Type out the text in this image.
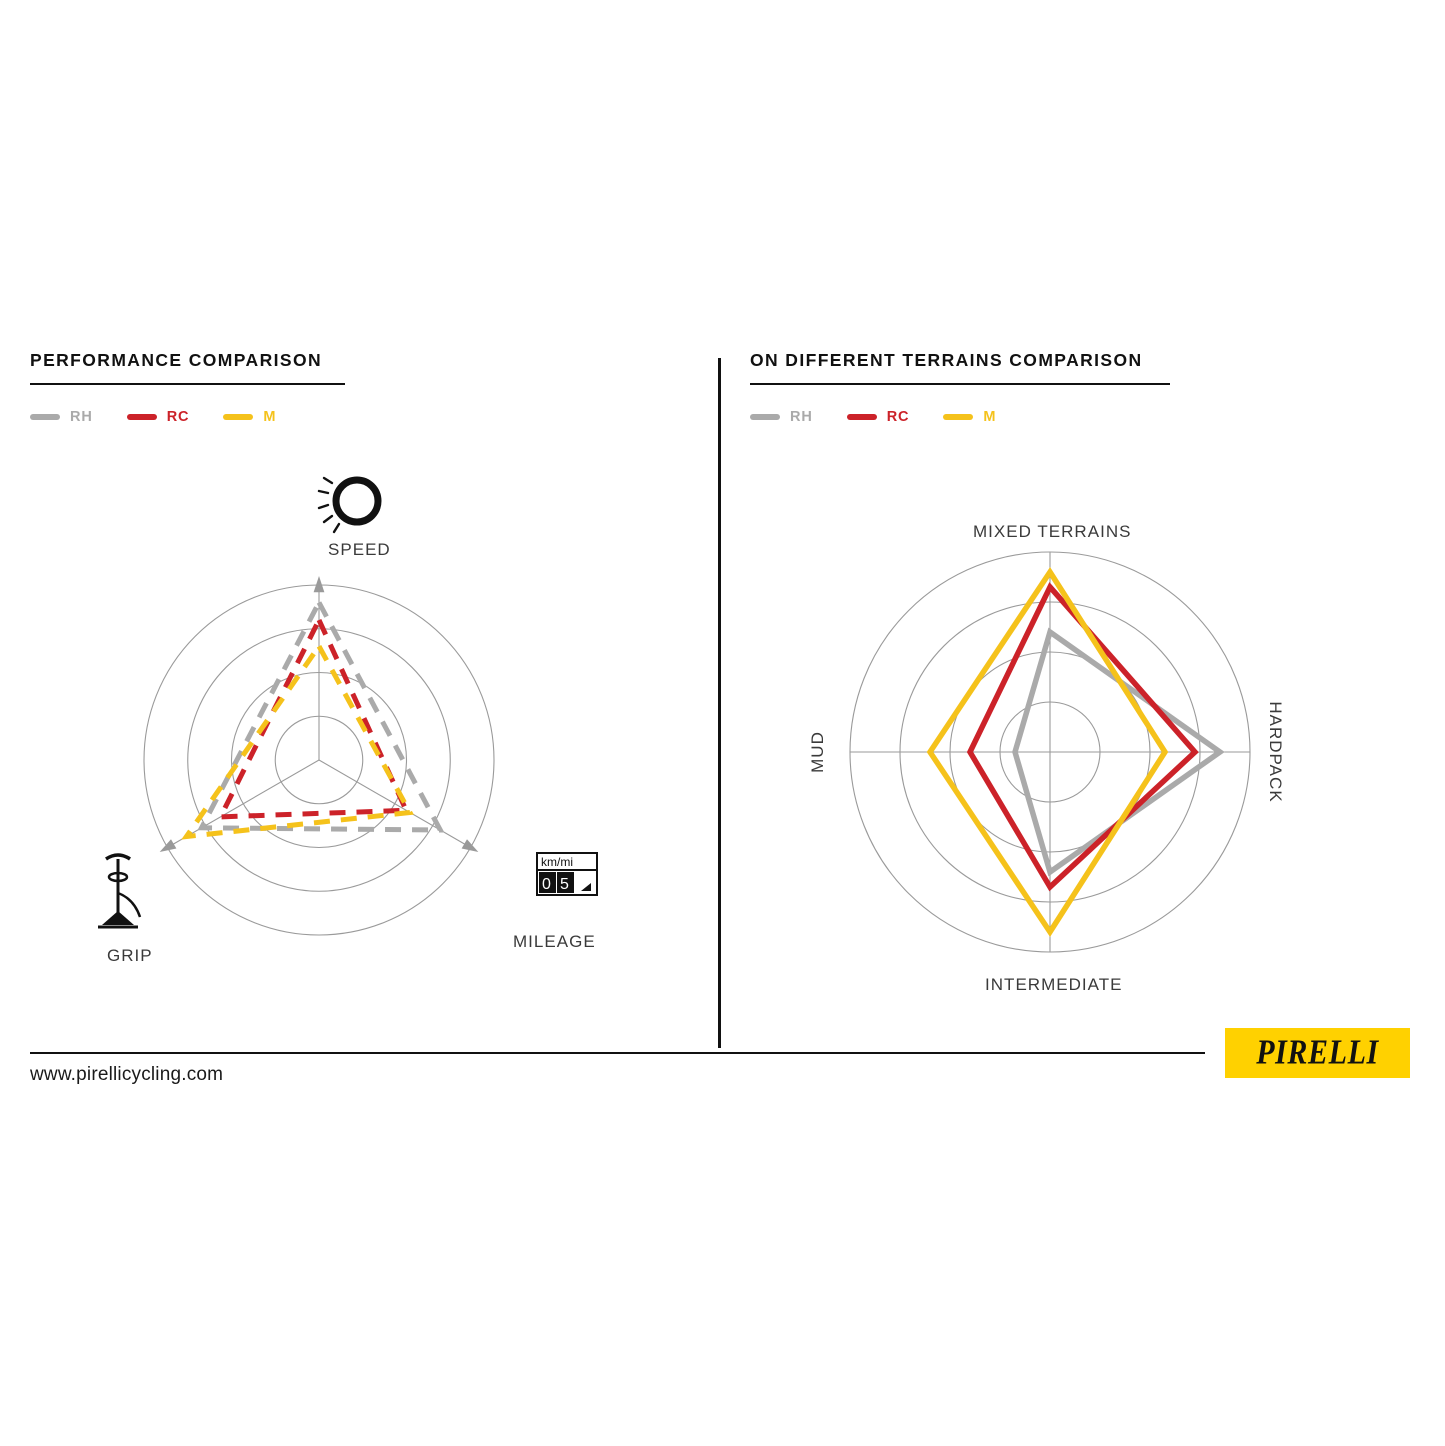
PERFORMANCE COMPARISON
RH	RC	M
SPEED
MILEAGE
GRIP
km/mi
0 5
ON DIFFERENT TERRAINS COMPARISON
RH	RC	M
MIXED TERRAINS
HARDPACK
INTERMEDIATE
MUD
www.pirellicycling.com
PIRELLI
